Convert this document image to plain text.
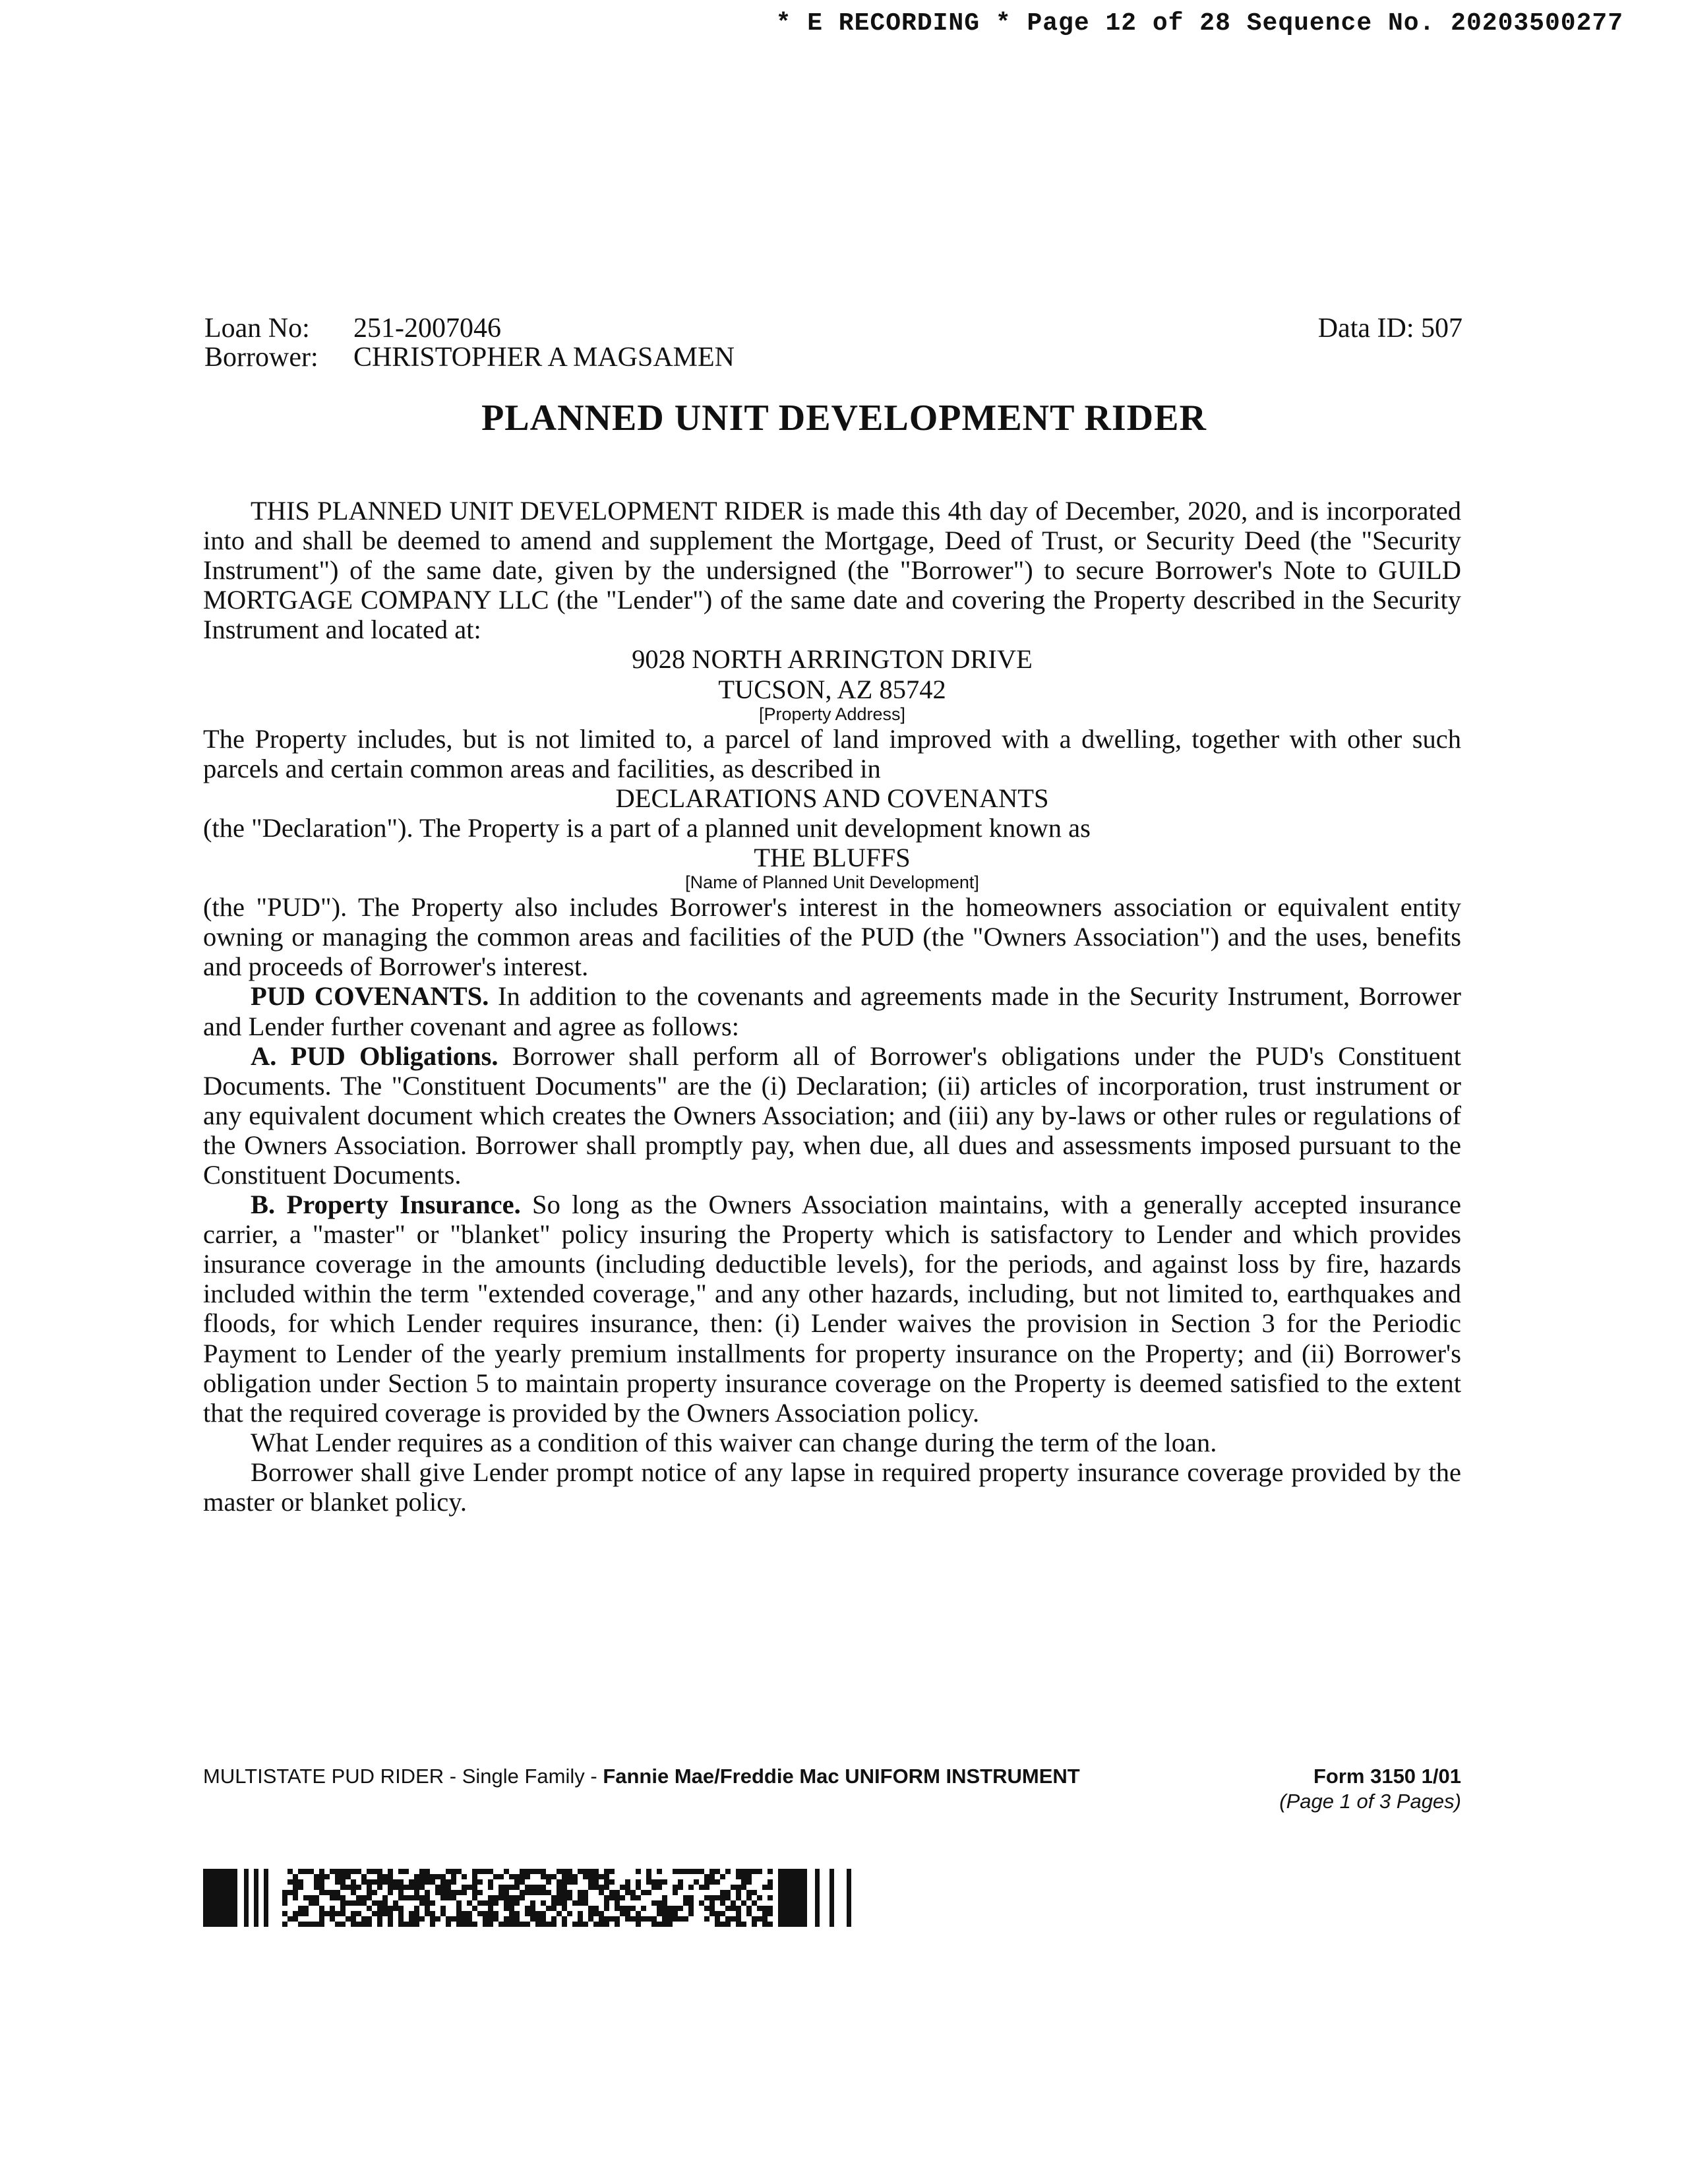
* E RECORDING * Page 12 of 28 Sequence No. 20203500277
Loan No: 251-2007046
Borrower: CHRISTOPHER A MAGSAMEN
Data ID: 507
PLANNED UNIT DEVELOPMENT RIDER

THIS PLANNED UNIT DEVELOPMENT RIDER is made this 4th day of December, 2020, and is incorporated into and shall be deemed to amend and supplement the Mortgage, Deed of Trust, or Security Deed (the "Security Instrument") of the same date, given by the undersigned (the "Borrower") to secure Borrower's Note to GUILD MORTGAGE COMPANY LLC (the "Lender") of the same date and covering the Property described in the Security Instrument and located at:

9028 NORTH ARRINGTON DRIVE

TUCSON, AZ 85742

[Property Address]

The Property includes, but is not limited to, a parcel of land improved with a dwelling, together with other such parcels and certain common areas and facilities, as described in

DECLARATIONS AND COVENANTS

(the "Declaration"). The Property is a part of a planned unit development known as

THE BLUFFS

[Name of Planned Unit Development]

(the "PUD"). The Property also includes Borrower's interest in the homeowners association or equivalent entity owning or managing the common areas and facilities of the PUD (the "Owners Association") and the uses, benefits and proceeds of Borrower's interest.

PUD COVENANTS. In addition to the covenants and agreements made in the Security Instrument, Borrower and Lender further covenant and agree as follows:

A. PUD Obligations. Borrower shall perform all of Borrower's obligations under the PUD's Constituent Documents. The "Constituent Documents" are the (i) Declaration; (ii) articles of incorporation, trust instrument or any equivalent document which creates the Owners Association; and (iii) any by-laws or other rules or regulations of the Owners Association. Borrower shall promptly pay, when due, all dues and assessments imposed pursuant to the Constituent Documents.

B. Property Insurance. So long as the Owners Association maintains, with a generally accepted insurance carrier, a "master" or "blanket" policy insuring the Property which is satisfactory to Lender and which provides insurance coverage in the amounts (including deductible levels), for the periods, and against loss by fire, hazards included within the term "extended coverage," and any other hazards, including, but not limited to, earthquakes and floods, for which Lender requires insurance, then: (i) Lender waives the provision in Section 3 for the Periodic Payment to Lender of the yearly premium installments for property insurance on the Property; and (ii) Borrower's obligation under Section 5 to maintain property insurance coverage on the Property is deemed satisfied to the extent that the required coverage is provided by the Owners Association policy.

What Lender requires as a condition of this waiver can change during the term of the loan.

Borrower shall give Lender prompt notice of any lapse in required property insurance coverage provided by the master or blanket policy.

MULTISTATE PUD RIDER - Single Family - Fannie Mae/Freddie Mac UNIFORM INSTRUMENT	Form 3150 1/01
(Page 1 of 3 Pages)
